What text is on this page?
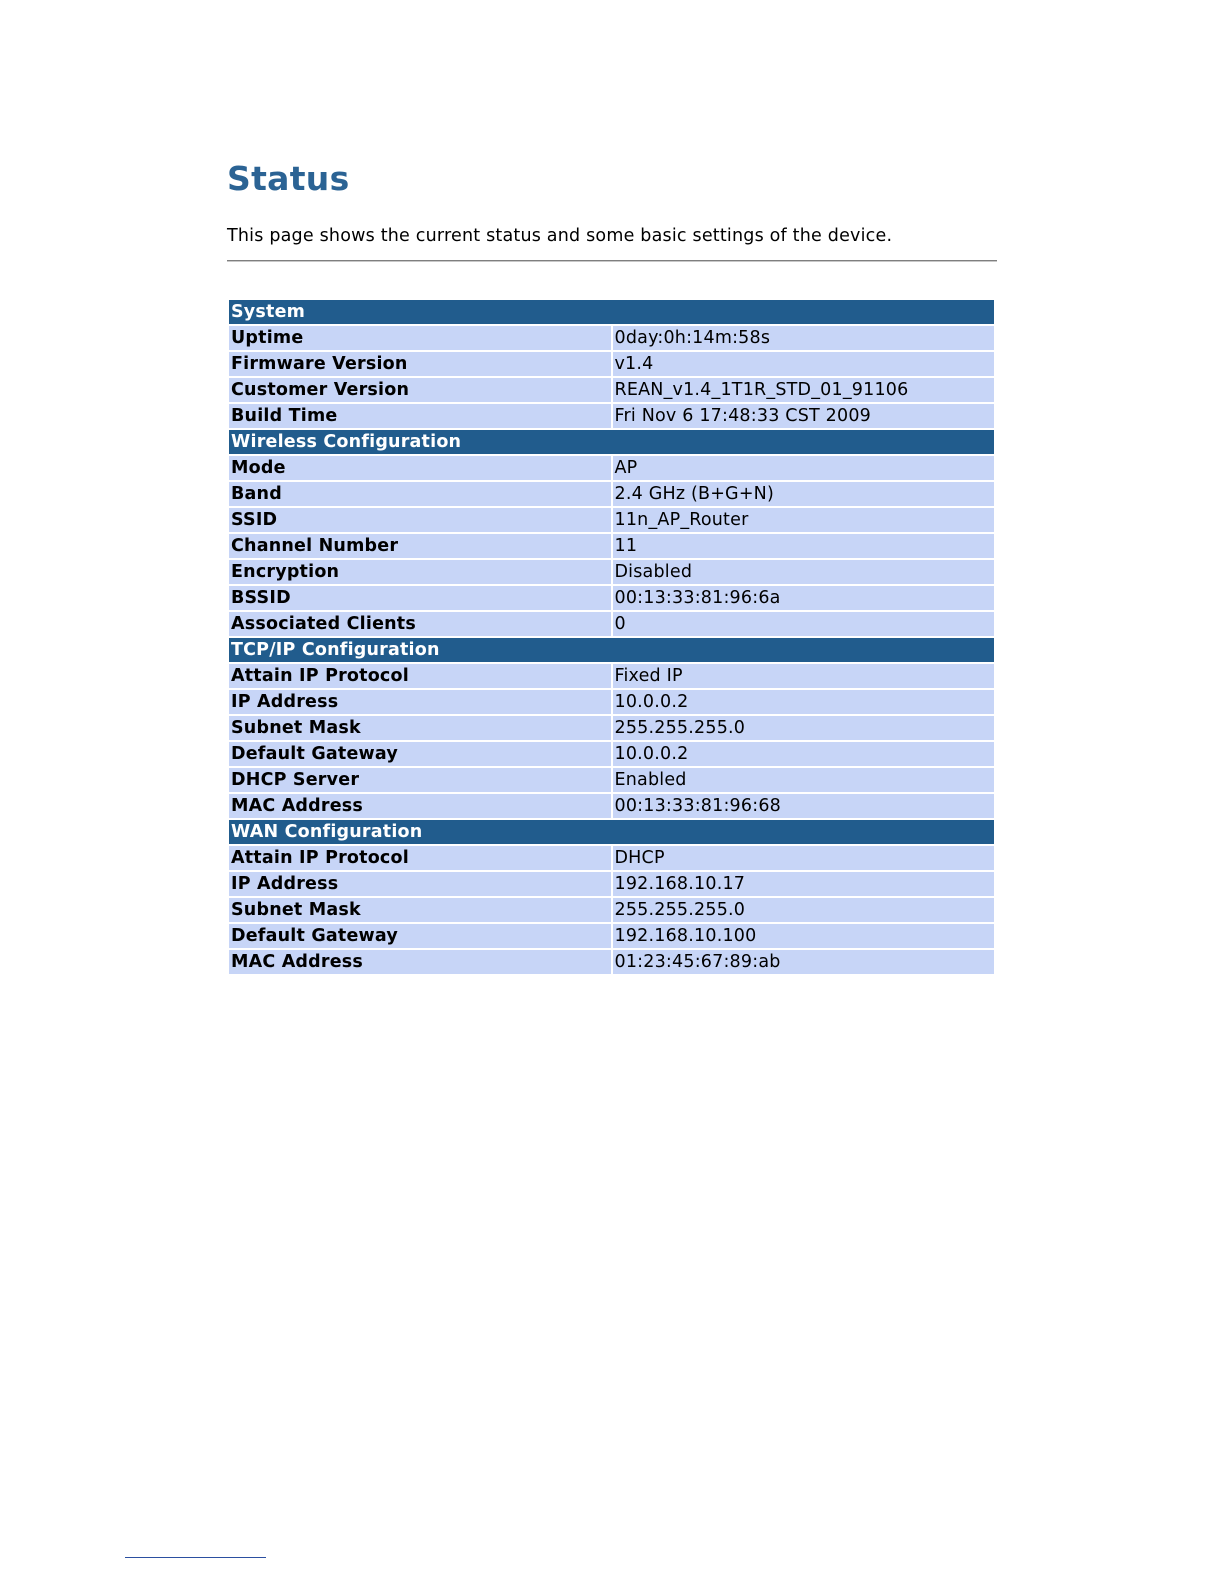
Status
This page shows the current status and some basic settings of the device.
System	
Uptime	0day:0h:14m:58s
Firmware Version	v1.4
Customer Version	REAN_v1.4_1T1R_STD_01_91106
Build Time	Fri Nov 6 17:48:33 CST 2009
Wireless Configuration	
Mode	AP
Band	2.4 GHz (B+G+N)
SSID	11n_AP_Router
Channel Number	11
Encryption	Disabled
BSSID	00:13:33:81:96:6a
Associated Clients	0
TCP/IP Configuration	
Attain IP Protocol	Fixed IP
IP Address	10.0.0.2
Subnet Mask	255.255.255.0
Default Gateway	10.0.0.2
DHCP Server	Enabled
MAC Address	00:13:33:81:96:68
WAN Configuration	
Attain IP Protocol	DHCP
IP Address	192.168.10.17
Subnet Mask	255.255.255.0
Default Gateway	192.168.10.100
MAC Address	01:23:45:67:89:ab
